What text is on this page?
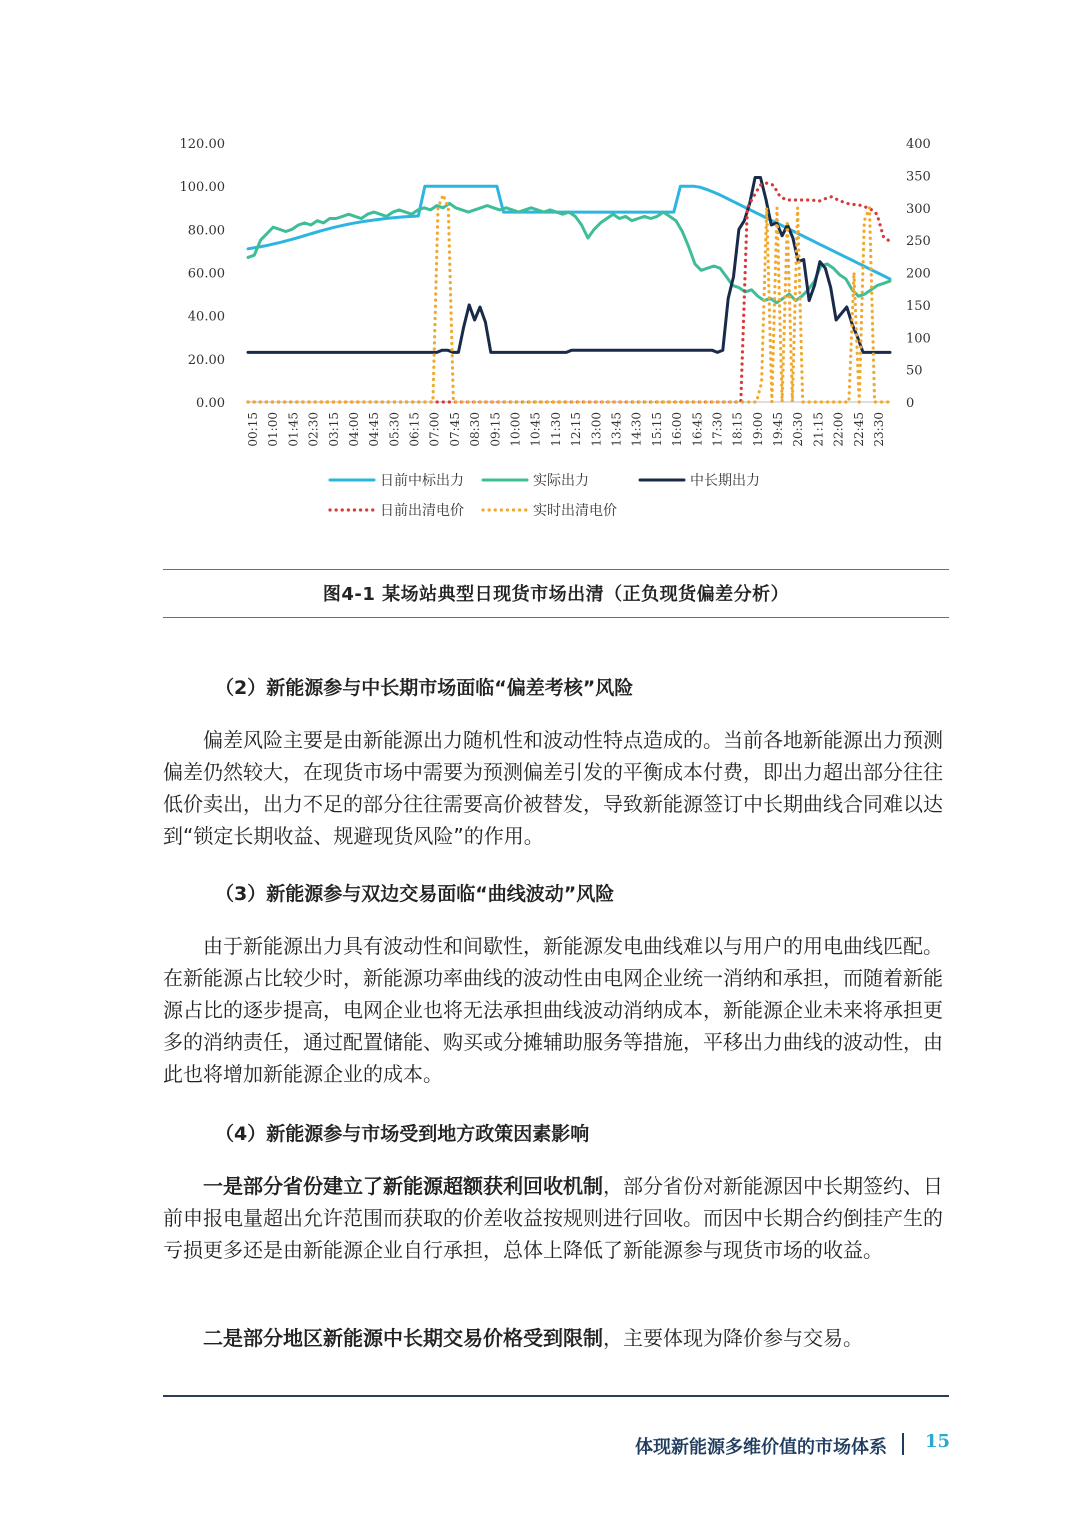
0.00
20.00
40.00
60.00
80.00
100.00
120.00
0
50
100
150
200
250
300
350
400
00:15 01:00 01:45 02:30 03:15 04:00 04:45 05:30 06:15 07:00 07:45 08:30 09:15 10:00 10:45 11:30 12:15 13:00 13:45 14:30 15:15 16:00 16:45 17:30 18:15 19:00 19:45 20:30 21:15 22:00 22:45 23:30
日前中标出力	实际出力	中长期出力
日前出清电价	实时出清电价
图4-1 某场站典型日现货市场出清（正负现货偏差分析）
（2）新能源参与中长期市场面临“偏差考核”风险

偏差风险主要是由新能源出力随机性和波动性特点造成的。当前各地新能源出力预测偏差仍然较大，在现货市场中需要为预测偏差引发的平衡成本付费，即出力超出部分往往低价卖出，出力不足的部分往往需要高价被替发，导致新能源签订中长期曲线合同难以达到“锁定长期收益、规避现货风险”的作用。

（3）新能源参与双边交易面临“曲线波动”风险

由于新能源出力具有波动性和间歇性，新能源发电曲线难以与用户的用电曲线匹配。在新能源占比较少时，新能源功率曲线的波动性由电网企业统一消纳和承担，而随着新能源占比的逐步提高，电网企业也将无法承担曲线波动消纳成本，新能源企业未来将承担更多的消纳责任，通过配置储能、购买或分摊辅助服务等措施，平移出力曲线的波动性，由此也将增加新能源企业的成本。

（4）新能源参与市场受到地方政策因素影响

一是部分省份建立了新能源超额获利回收机制，部分省份对新能源因中长期签约、日前申报电量超出允许范围而获取的价差收益按规则进行回收。而因中长期合约倒挂产生的亏损更多还是由新能源企业自行承担，总体上降低了新能源参与现货市场的收益。

二是部分地区新能源中长期交易价格受到限制，主要体现为降价参与交易。

体现新能源多维价值的市场体系 15
